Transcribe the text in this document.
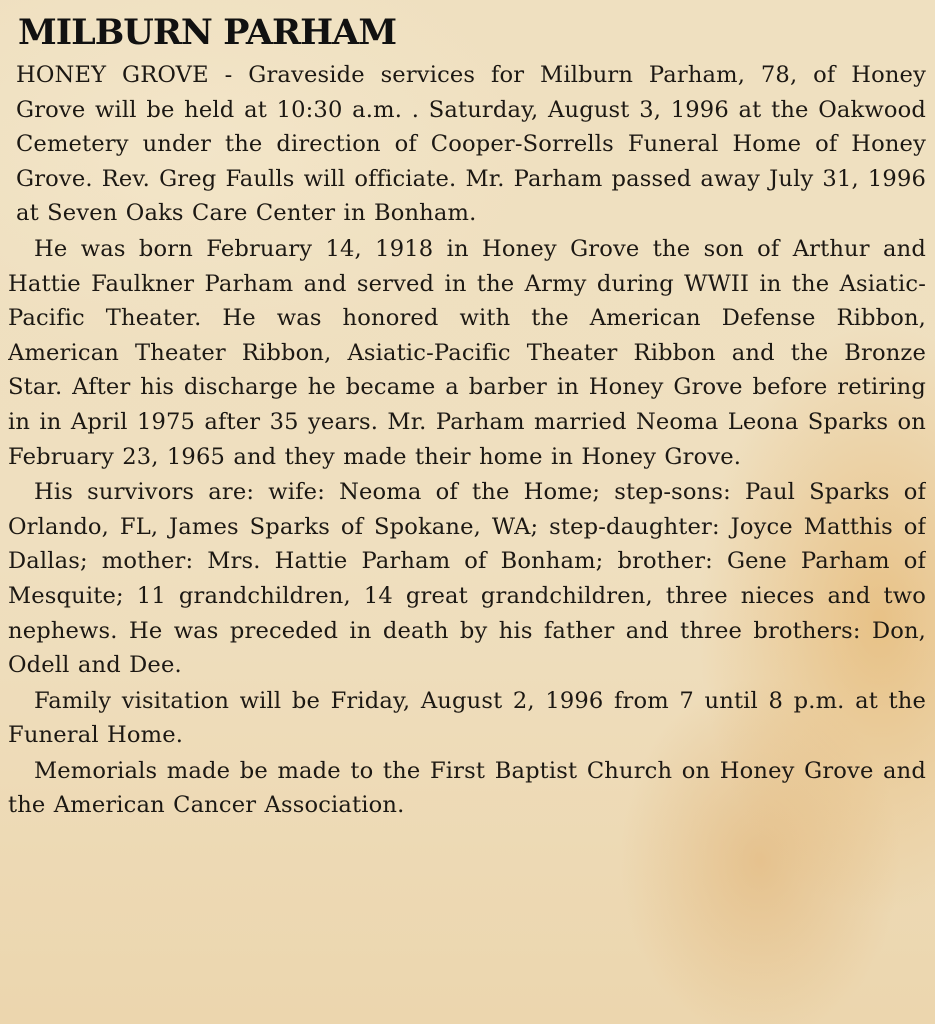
MILBURN PARHAM

HONEY GROVE - Graveside services for Milburn Parham, 78, of Honey Grove will be held at 10:30 a.m. . Saturday, August 3, 1996 at the Oakwood Cemetery under the direction of Cooper-Sorrells Funeral Home of Honey Grove. Rev. Greg Faulls will officiate. Mr. Parham passed away July 31, 1996 at Seven Oaks Care Center in Bonham.

He was born February 14, 1918 in Honey Grove the son of Arthur and Hattie Faulkner Parham and served in the Army during WWII in the Asiatic-Pacific Theater. He was honored with the American Defense Ribbon, American Theater Ribbon, Asiatic-Pacific Theater Ribbon and the Bronze Star. After his discharge he became a barber in Honey Grove before retiring in in April 1975 after 35 years. Mr. Parham married Neoma Leona Sparks on February 23, 1965 and they made their home in Honey Grove.

His survivors are: wife: Neoma of the Home; step-sons: Paul Sparks of Orlando, FL, James Sparks of Spokane, WA; step-daughter: Joyce Matthis of Dallas; mother: Mrs. Hattie Parham of Bonham; brother: Gene Parham of Mesquite; 11 grandchildren, 14 great grandchildren, three nieces and two nephews. He was preceded in death by his father and three brothers: Don, Odell and Dee.

Family visitation will be Friday, August 2, 1996 from 7 until 8 p.m. at the Funeral Home.

Memorials made be made to the First Baptist Church on Honey Grove and the American Cancer Association.
